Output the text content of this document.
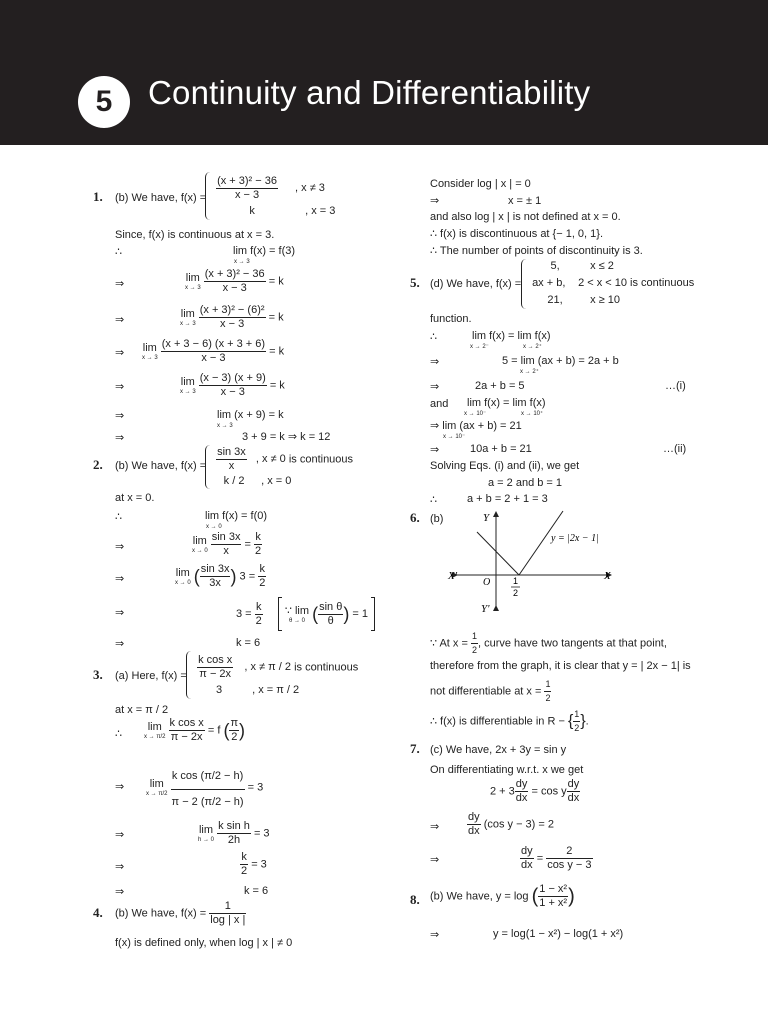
5	Continuity and Differentiability
1. (b) We have, f(x) =
$\frac{\text{(x + 3)² − 36}}{x - 3}$ , x ≠ 3
k	, x = 3
Since, f(x) is continuous at x = 3.
∴	lim f(x) = f(3)
x → 3
⇒	lim
x → 3
$\frac{\text{(x + 3)² − 36}}{x - 3} = k$
⇒	lim
x → 3
$\frac{\text{(x + 3)² − (6)²}}{x - 3} = k$
⇒ lim
x → 3
$\frac{(x + 3 - 6) (x + 3 + 6)}{x - 3} = k$
⇒	lim
x → 3
$\frac{(x - 3) (x + 9)}{x - 3} = k$
⇒	lim (x + 9) = k
x → 3
⇒	3 + 9 = k ⇒ k = 12
2. (b) We have, f(x) =
$\frac{\sin 3x}{x}$ , x ≠ 0 is continuous
k / 2 , x = 0
at x = 0.
∴	lim f(x) = f(0)
x → 0
⇒	lim
x → 0
$\frac{\sin 3x}{x} = \frac{k}{2}$
⇒	lim
x → 0 ( $\frac{\sin 3x}{3x}$ ) $3 = \frac{k}{2}$
⇒	$3 = \frac{k}{2}$
∵ lim
θ → 0 ( $\frac{\text{sin θ}}{\theta}$ ) = 1
⇒	k = 6
3. (a) Here, f(x) =
$\frac{\text{k cos x}}{\pi - 2x}$ , x ≠ π / 2 is continuous
3	, x = π / 2
at x = π / 2
∴
lim
x → π/2
$\frac{\text{k cos x}}{\pi - 2x} = f$ ( $\frac{\pi}{2}$ )
⇒	lim
x → π/2
$\frac{\text{k cos (π/2 − h)}}{\pi - 2 (\pi/2 - h)} = 3$
⇒	lim
h → 0
$\frac{\text{k sin h}}{2h} = 3$
⇒	$\frac{k}{2} = 3$
⇒	k = 6
4. (b) We have, $f(x) = \frac{1}{\log | x |}$
f(x) is defined only, when log | x | ≠ 0
Consider log | x | = 0
⇒	x = ± 1
and also log | x | is not defined at x = 0.
∴ f(x) is discontinuous at {− 1, 0, 1}.
∴ The number of points of discontinuity is 3.
5. (d) We have, f(x) =

5,	x ≤ 2
ax + b, 2 < x < 10 is continuous
21, x ≥ 10
function.
∴	lim f(x) = lim f(x)
x → 2⁻	x → 2⁺
⇒	5 = lim (ax + b) = 2a + b
x → 2⁺
⇒	2a + b = 5	…(i)
and lim f(x) = lim f(x)
x → 10⁻	x → 10⁺
⇒ lim (ax + b) = 21
x → 10⁻
⇒	10a + b = 21	…(ii)
Solving Eqs. (i) and (ii), we get
a = 2 and b = 1
∴	a + b = 2 + 1 = 3
6. (b)	Y
Y'
X
X'
O	1
2
y = |2x − 1|
∵ At $x = \frac{1}{2}$ , curve have two tangents at that point,
therefore from the graph, it is clear that y = | 2x − 1| is
not differentiable at $x = \frac{1}{2}$
∴ f(x) is differentiable in R − { $\frac{1}{2}$ }.
7. (c) We have, 2x + 3y = sin y
On differentiating w.r.t. x we get
$2 + 3 \frac{dy}{dx} = \cos y \frac{dy}{dx}$
⇒	$\frac{dy}{dx} (\cos$ y − 3) = 2
⇒	$\frac{dy}{dx} = \frac{2}{\text{cos y − 3}}$
8. (b) We have, y = log ( $\frac{\text{1 − x²}}{\text{1 + x²}}$ )
⇒	y = log(1 − x²) − log(1 + x²)
